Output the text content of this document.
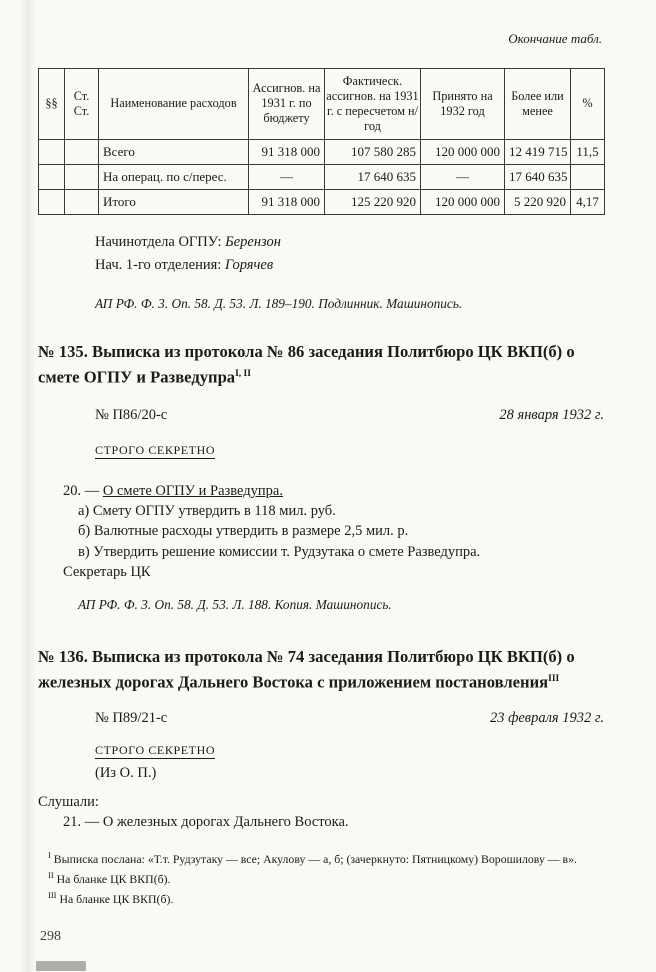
Окончание табл.
§§	Ст. Ст.	Наименование расходов	Ассигнов. на 1931 г. по бюджету	Фактическ. ассигнов. на 1931 г. с пересчетом н/год	Принято на 1932 год	Более или менее	%
		Всего	91 318 000	107 580 285	120 000 000	12 419 715	11,5
		На операц. по с/перес.	—	17 640 635	—	17 640 635	
		Итого	91 318 000	125 220 920	120 000 000	5 220 920	4,17
Начинотдела ОГПУ: Берензон
Нач. 1-го отделения: Горячев
АП РФ. Ф. 3. Оп. 58. Д. 53. Л. 189–190. Подлинник. Машинопись.
№ 135. Выписка из протокола № 86 заседания Политбюро ЦК ВКП(б) о смете ОГПУ и Разведупра$^{I, II}$
№ П86/20-с	28 января 1932 г.
СТРОГО СЕКРЕТНО

20. — О смете ОГПУ и Разведупра.

а) Смету ОГПУ утвердить в 118 мил. руб.

б) Валютные расходы утвердить в размере 2,5 мил. р.

в) Утвердить решение комиссии т. Рудзутака о смете Разведупра.

Секретарь ЦК

АП РФ. Ф. 3. Оп. 58. Д. 53. Л. 188. Копия. Машинопись.
№ 136. Выписка из протокола № 74 заседания Политбюро ЦК ВКП(б) о железных дорогах Дальнего Востока с приложением постановления$^{III}$
№ П89/21-с	23 февраля 1932 г.
СТРОГО СЕКРЕТНО
(Из О. П.)

Слушали:

21. — О железных дорогах Дальнего Востока.

$^I$ Выписка послана: «Т.т. Рудзутаку — все; Акулову — а, б; (зачеркнуто: Пятницкому) Ворошилову — в».

$^{II}$ На бланке ЦК ВКП(б).

$^{III}$ На бланке ЦК ВКП(б).

298
